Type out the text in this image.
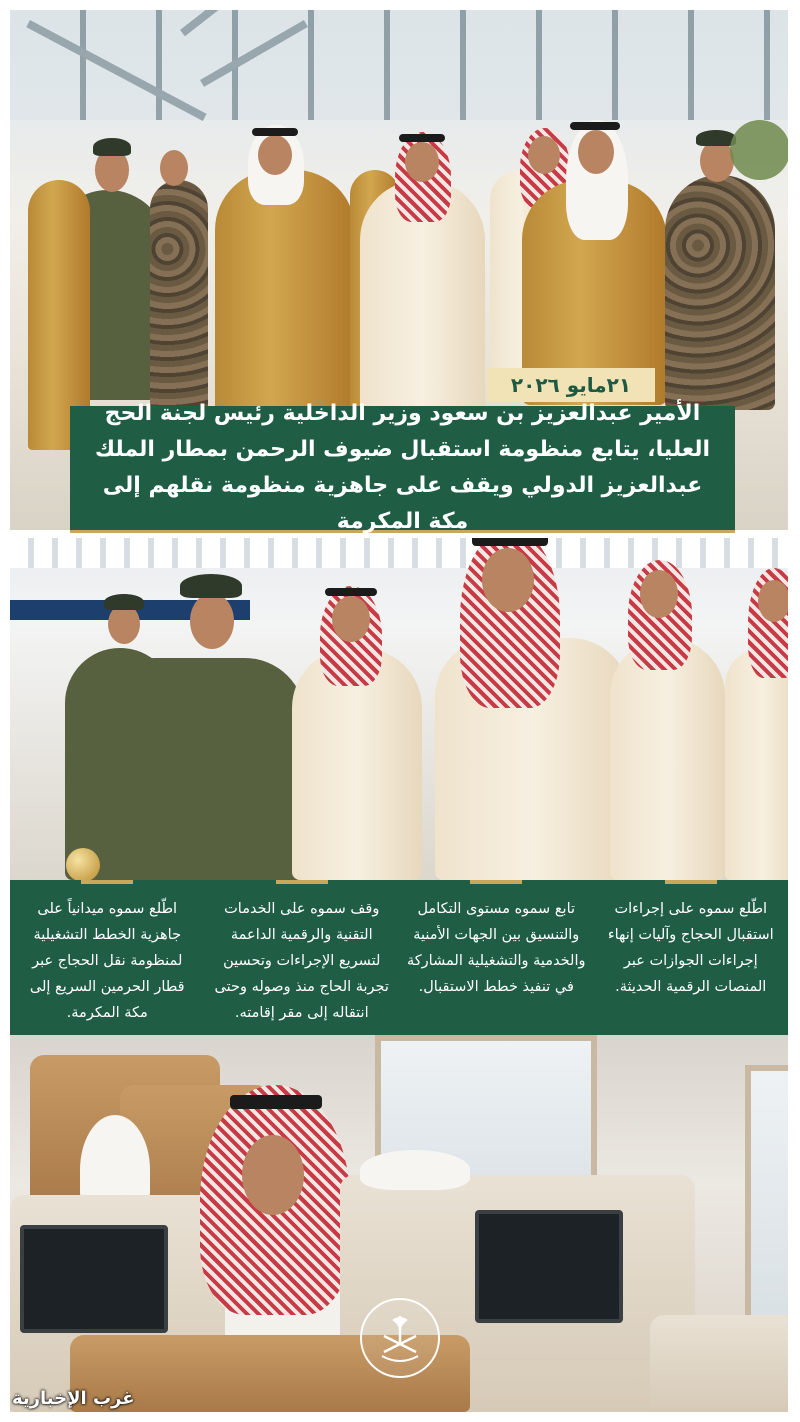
٢١مايو ٢٠٢٦

الأمير عبدالعزيز بن سعود وزير الداخلية رئيس لجنة الحج العليا، يتابع منظومة استقبال ضيوف الرحمن بمطار الملك عبدالعزيز الدولي ويقف على جاهزية منظومة نقلهم إلى مكة المكرمة

اطّلع سموه على إجراءات استقبال الحجاج وآليات إنهاء إجراءات الجوازات عبر المنصات الرقمية الحديثة.

تابع سموه مستوى التكامل والتنسيق بين الجهات الأمنية والخدمية والتشغيلية المشاركة في تنفيذ خطط الاستقبال.

وقف سموه على الخدمات التقنية والرقمية الداعمة لتسريع الإجراءات وتحسين تجربة الحاج منذ وصوله وحتى انتقاله إلى مقر إقامته.

اطّلع سموه ميدانياً على جاهزية الخطط التشغيلية لمنظومة نقل الحجاج عبر قطار الحرمين السريع إلى مكة المكرمة.

غرب الإخبارية
